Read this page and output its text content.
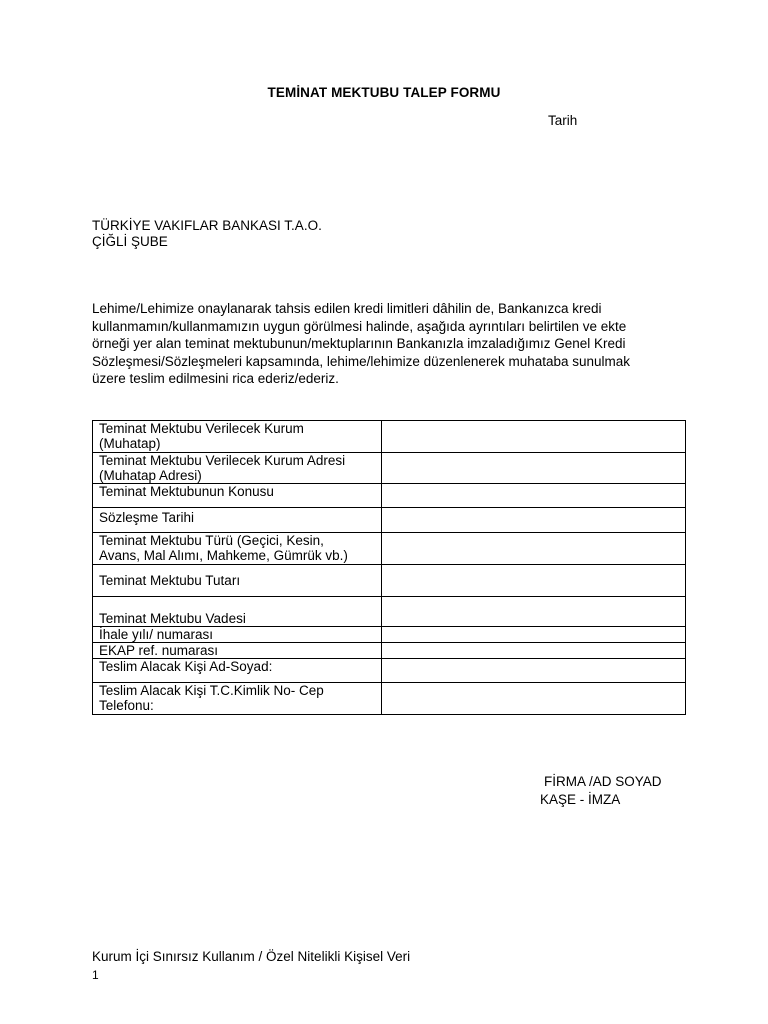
TEMİNAT MEKTUBU TALEP FORMU
Tarih
TÜRKİYE VAKIFLAR BANKASI T.A.O.
ÇİĞLİ ŞUBE
Lehime/Lehimize onaylanarak tahsis edilen kredi limitleri dâhilin de, Bankanızca kredi
kullanmamın/kullanmamızın uygun görülmesi halinde, aşağıda ayrıntıları belirtilen ve ekte
örneği yer alan teminat mektubunun/mektuplarının Bankanızla imzaladığımız Genel Kredi
Sözleşmesi/Sözleşmeleri kapsamında, lehime/lehimize düzenlenerek muhataba sunulmak
üzere teslim edilmesini rica ederiz/ederiz.
Teminat Mektubu Verilecek Kurum
(Muhatap)	

Teminat Mektubu Verilecek Kurum Adresi
(Muhatap Adresi)	

Teminat Mektubunun Konusu	

Sözleşme Tarihi	

Teminat Mektubu Türü (Geçici, Kesin,
Avans, Mal Alımı, Mahkeme, Gümrük vb.)	

Teminat Mektubu Tutarı	

Teminat Mektubu Vadesi	

İhale yılı/ numarası	

EKAP ref. numarası	

Teslim Alacak Kişi Ad-Soyad:	

Teslim Alacak Kişi T.C.Kimlik No- Cep
Telefonu:	

FİRMA /AD SOYAD
KAŞE - İMZA
Kurum İçi Sınırsız Kullanım / Özel Nitelikli Kişisel Veri
1
